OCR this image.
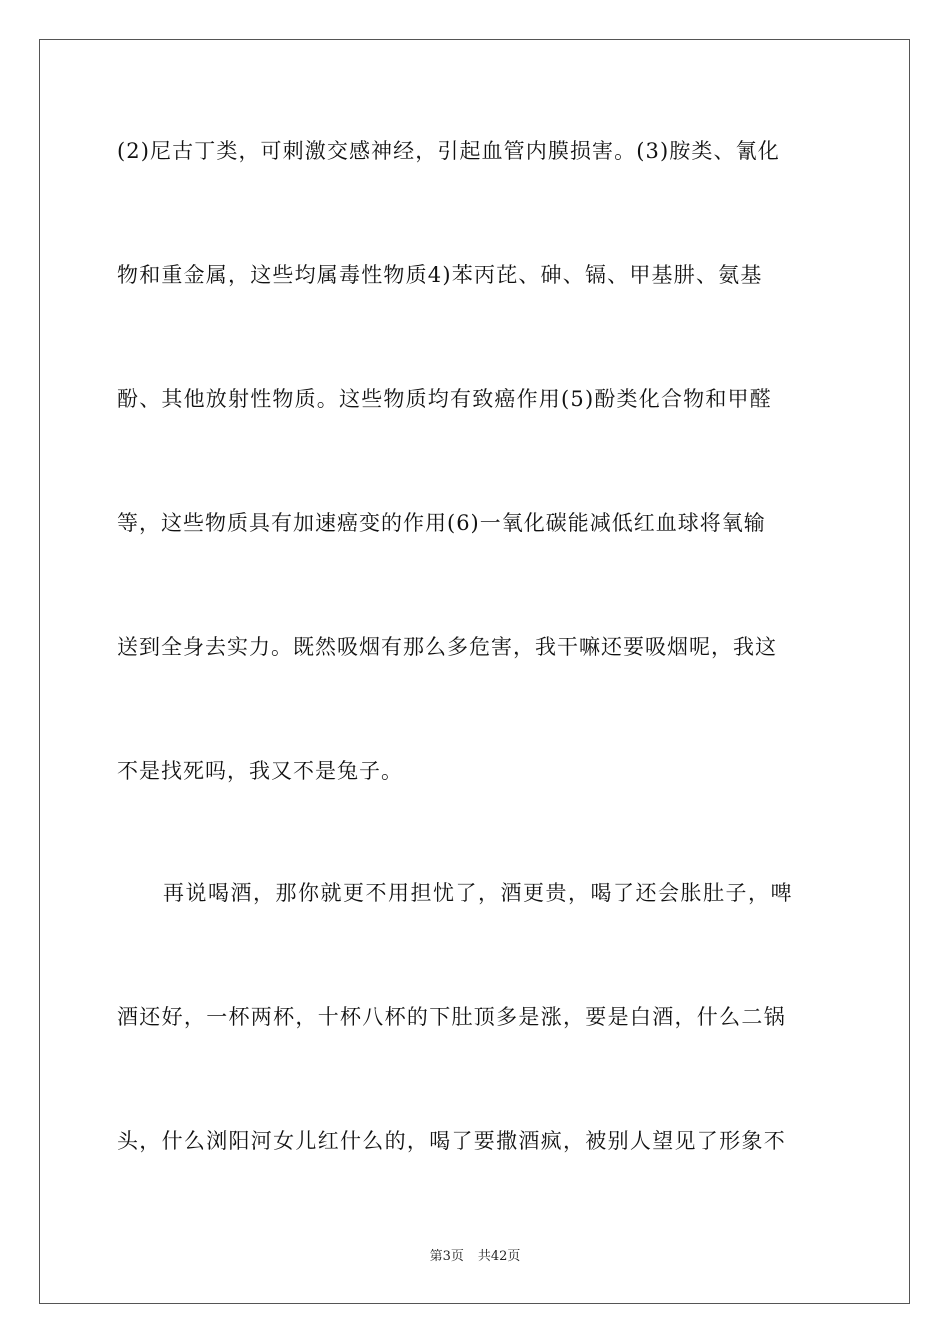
(2)尼古丁类，可刺激交感神经，引起血管内膜损害。(3)胺类、氰化
物和重金属，这些均属毒性物质4)苯丙芘、砷、镉、甲基肼、氨基
酚、其他放射性物质。这些物质均有致癌作用(5)酚类化合物和甲醛
等，这些物质具有加速癌变的作用(6)一氧化碳能减低红血球将氧输
送到全身去实力。既然吸烟有那么多危害，我干嘛还要吸烟呢，我这
不是找死吗，我又不是兔子。
再说喝酒，那你就更不用担忧了，酒更贵，喝了还会胀肚子，啤
酒还好，一杯两杯，十杯八杯的下肚顶多是涨，要是白酒，什么二锅
头，什么浏阳河女儿红什么的，喝了要撒酒疯，被别人望见了形象不
第3页 共42页
